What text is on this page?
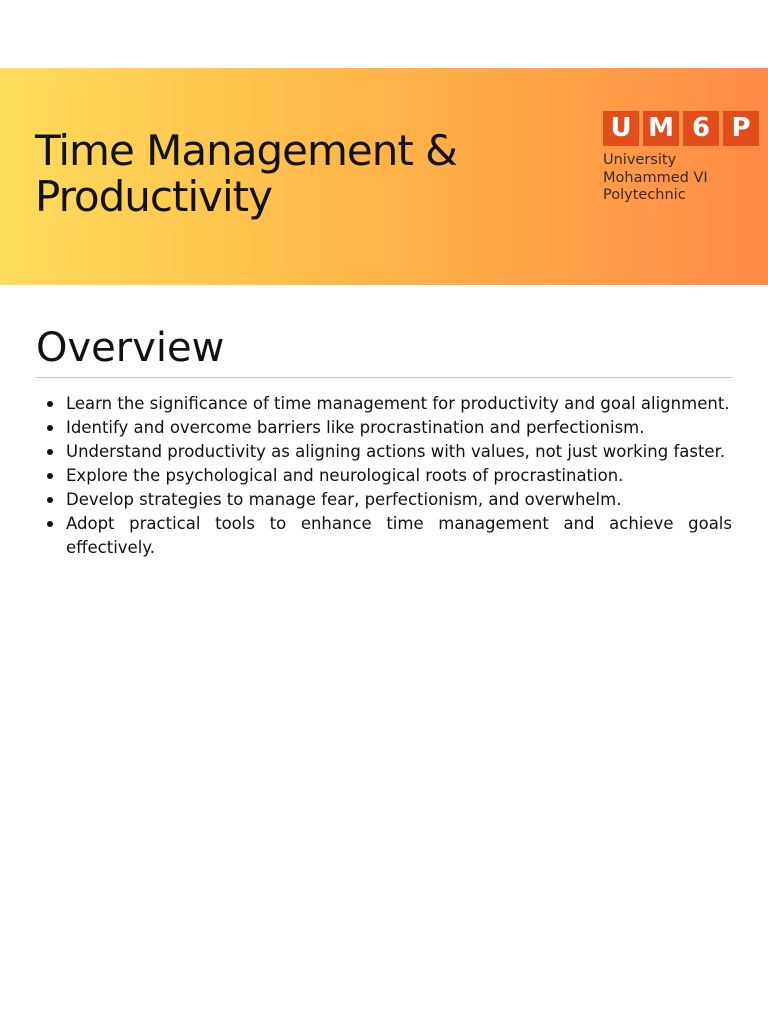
Time Management &
Productivity
U M 6 P
University
Mohammed VI
Polytechnic
Overview
Learn the significance of time management for productivity and goal alignment.
Identify and overcome barriers like procrastination and perfectionism.
Understand productivity as aligning actions with values, not just working faster.
Explore the psychological and neurological roots of procrastination.
Develop strategies to manage fear, perfectionism, and overwhelm.
Adopt practical tools to enhance time management and achieve goals effectively.
